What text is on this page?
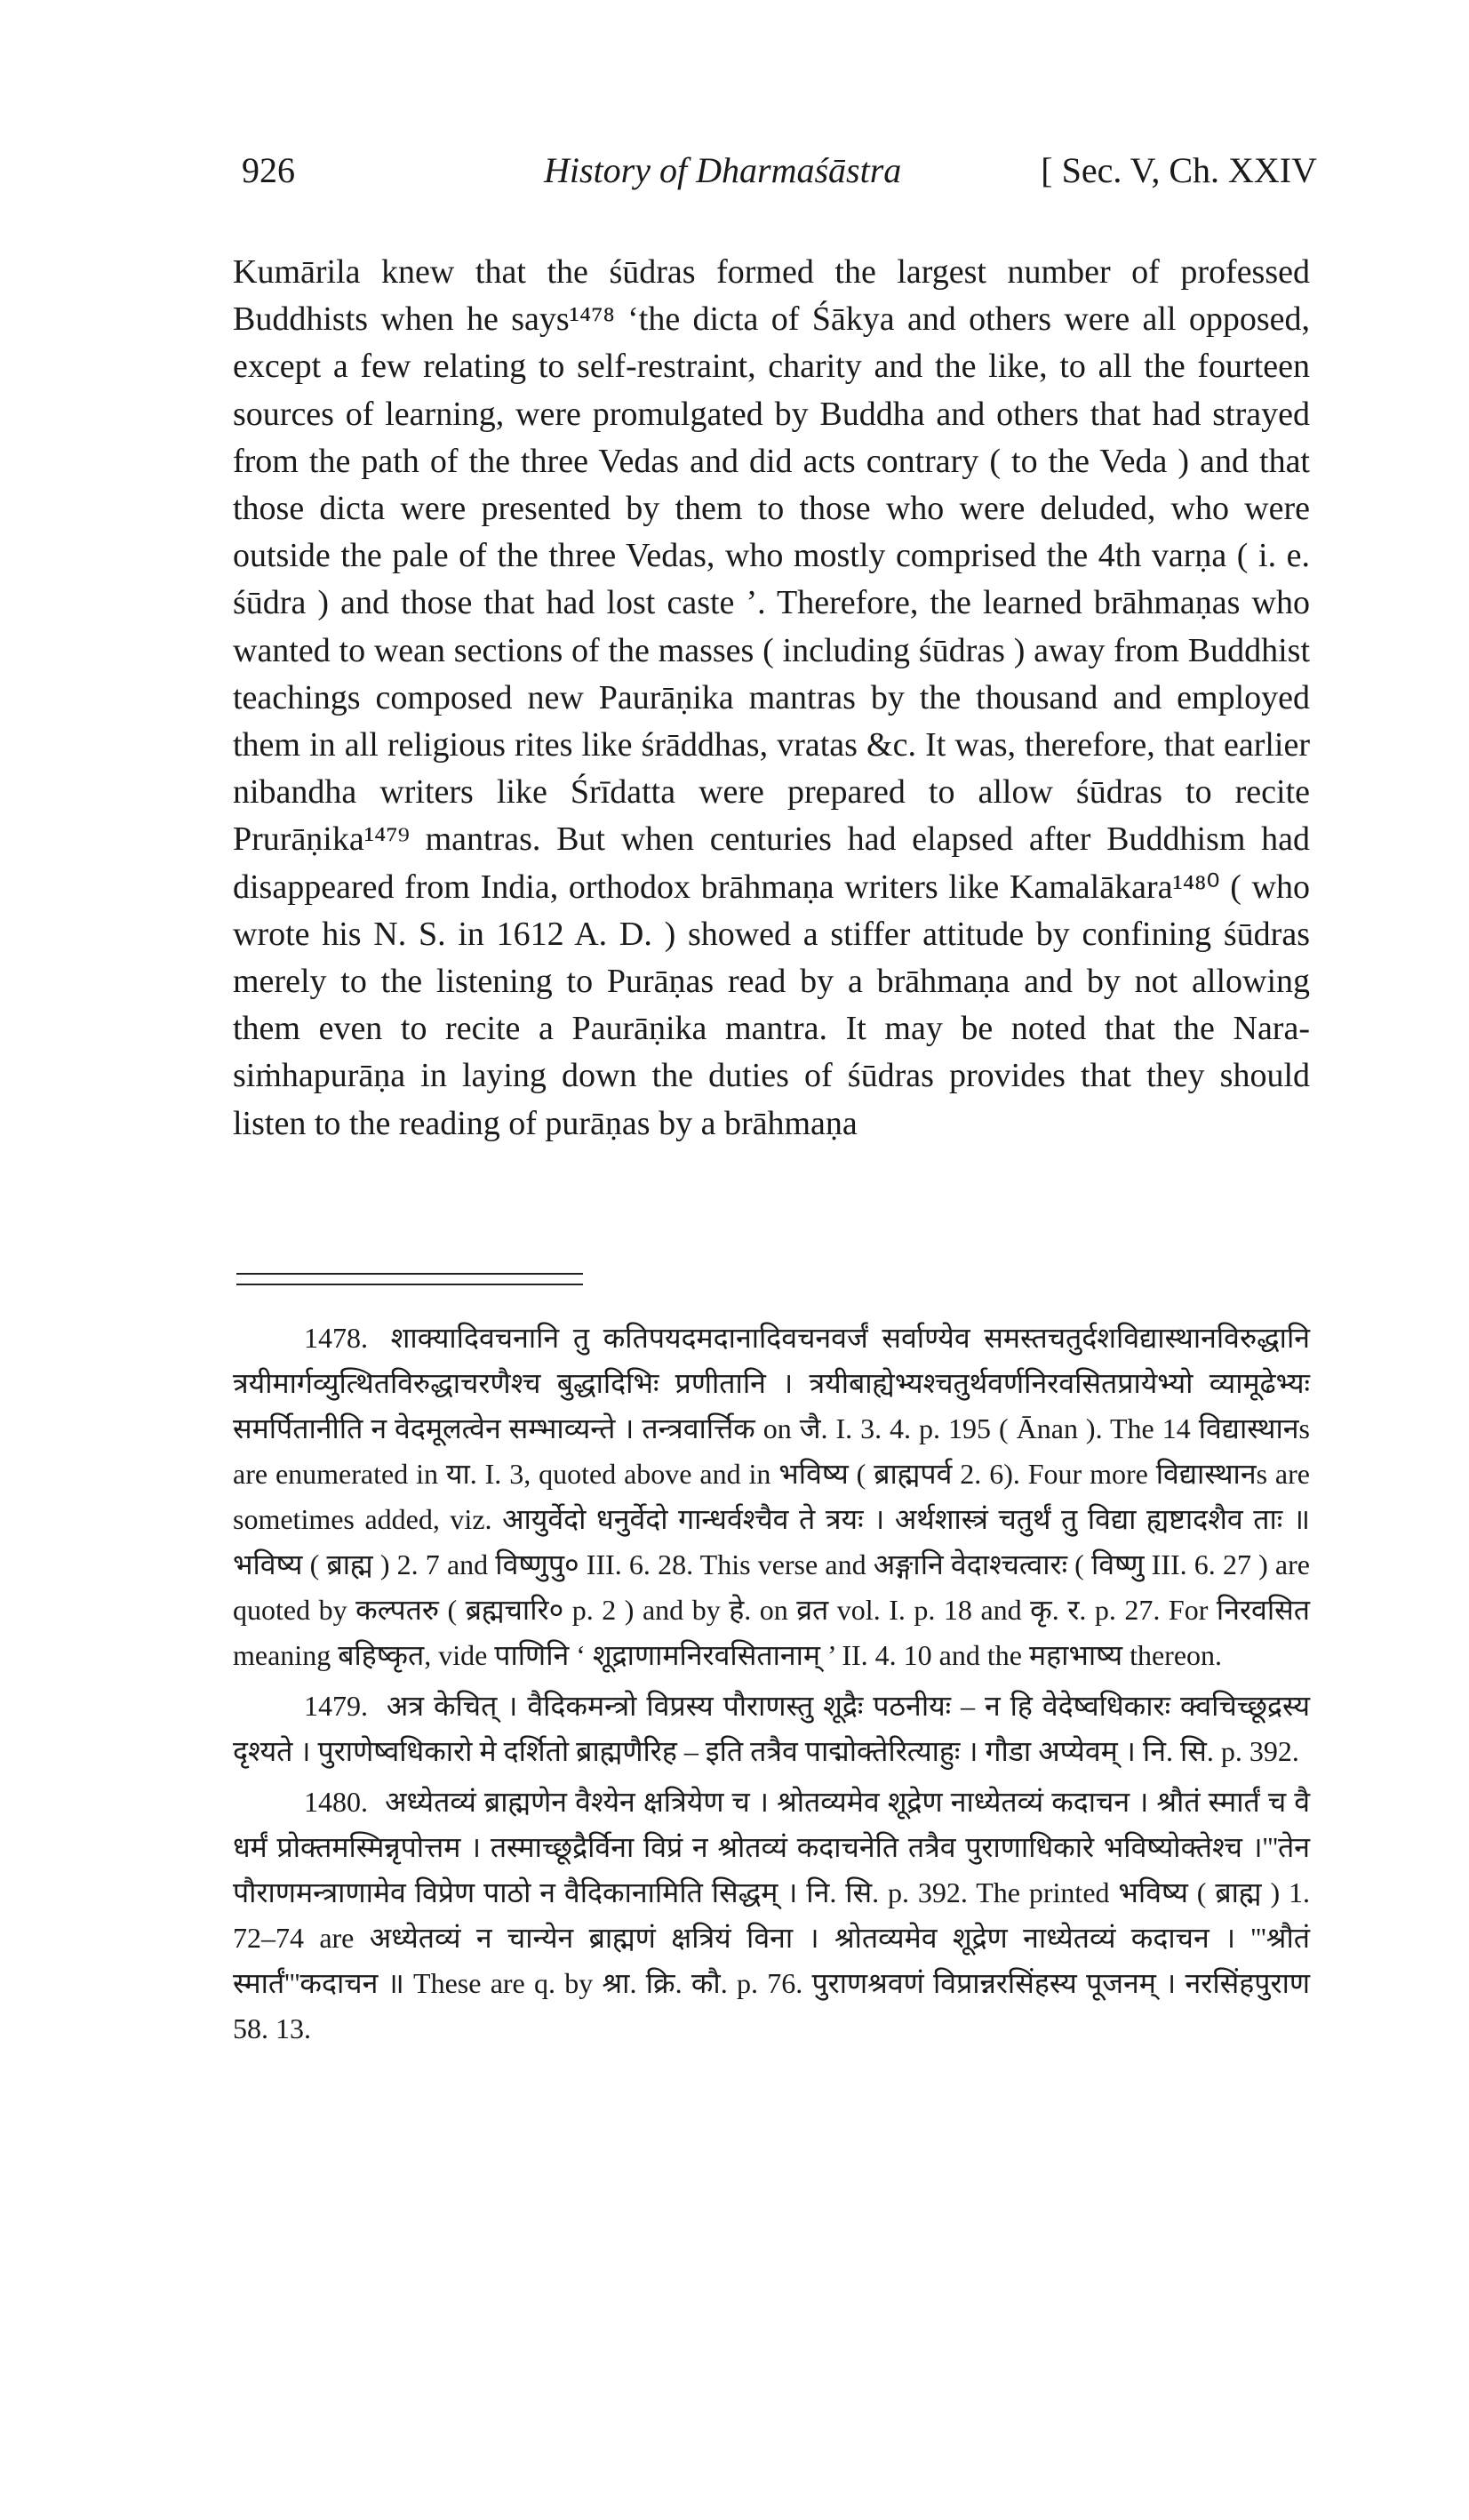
926	History of Dharmaśāstra	[ Sec. V, Ch. XXIV

Kumārila knew that the śūdras formed the largest number of professed Buddhists when he says¹⁴⁷⁸ ‘the dicta of Śākya and others were all opposed, except a few relating to self-restraint, charity and the like, to all the fourteen sources of learning, were promulgated by Buddha and others that had strayed from the path of the three Vedas and did acts contrary ( to the Veda ) and that those dicta were presented by them to those who were deluded, who were outside the pale of the three Vedas, who mostly comprised the 4th varṇa ( i. e. śūdra ) and those that had lost caste ’. Therefore, the learned brāhmaṇas who wanted to wean sections of the masses ( including śūdras ) away from Buddhist teachings composed new Paurāṇika mantras by the thousand and employed them in all religious rites like śrāddhas, vratas &c. It was, therefore, that earlier nibandha writers like Śrīdatta were prepared to allow śūdras to recite Prurāṇika¹⁴⁷⁹ mantras. But when centuries had elapsed after Buddhism had disappeared from India, orthodox brāhmaṇa writers like Kamalākara¹⁴⁸⁰ ( who wrote his N. S. in 1612 A. D. ) showed a stiffer attitude by confining śūdras merely to the listening to Purāṇas read by a brāhmaṇa and by not allowing them even to recite a Paurāṇika mantra. It may be noted that the Nara-siṁhapurāṇa in laying down the duties of śūdras provides that they should listen to the reading of purāṇas by a brāhmaṇa

1478. शाक्यादिवचनानि तु कतिपयदमदानादिवचनवर्जं सर्वाण्येव समस्तचतुर्दशविद्यास्थानविरुद्धानि त्रयीमार्गव्युत्थितविरुद्धाचरणैश्च बुद्धादिभिः प्रणीतानि । त्रयीबाह्येभ्यश्चतुर्थवर्णनिरवसितप्रायेभ्यो व्यामूढेभ्यः समर्पितानीति न वेदमूलत्वेन सम्भाव्यन्ते । तन्त्रवार्त्तिक on जै. I. 3. 4. p. 195 ( Ānan ). The 14 विद्यास्थानs are enumerated in या. I. 3, quoted above and in भविष्य ( ब्राह्मपर्व 2. 6). Four more विद्यास्थानs are sometimes added, viz. आयुर्वेदो धनुर्वेदो गान्धर्वश्चैव ते त्रयः । अर्थशास्त्रं चतुर्थं तु विद्या ह्यष्टादशैव ताः ॥ भविष्य ( ब्राह्म ) 2. 7 and विष्णुपु० III. 6. 28. This verse and अङ्गानि वेदाश्चत्वारः ( विष्णु III. 6. 27 ) are quoted by कल्पतरु ( ब्रह्मचारि० p. 2 ) and by हे. on व्रत vol. I. p. 18 and कृ. र. p. 27. For निरवसित meaning बहिष्कृत, vide पाणिनि ‘ शूद्राणामनिरवसितानाम् ’ II. 4. 10 and the महाभाष्य thereon.

1479. अत्र केचित् । वैदिकमन्त्रो विप्रस्य पौराणस्तु शूद्रैः पठनीयः – न हि वेदेष्वधिकारः क्वचिच्छूद्रस्य दृश्यते । पुराणेष्वधिकारो मे दर्शितो ब्राह्मणैरिह – इति तत्रैव पाद्मोक्तेरित्याहुः । गौडा अप्येवम् । नि. सि. p. 392.

1480. अध्येतव्यं ब्राह्मणेन वैश्येन क्षत्रियेण च । श्रोतव्यमेव शूद्रेण नाध्येतव्यं कदाचन । श्रौतं स्मार्तं च वै धर्मं प्रोक्तमस्मिन्नृपोत्तम । तस्माच्छूद्रैर्विना विप्रं न श्रोतव्यं कदाचनेति तत्रैव पुराणाधिकारे भविष्योक्तेश्च ।'''तेन पौराणमन्त्राणामेव विप्रेण पाठो न वैदिकानामिति सिद्धम् । नि. सि. p. 392. The printed भविष्य ( ब्राह्म ) 1. 72–74 are अध्येतव्यं न चान्येन ब्राह्मणं क्षत्रियं विना । श्रोतव्यमेव शूद्रेण नाध्येतव्यं कदाचन । '''श्रौतं स्मार्तं'''कदाचन ॥ These are q. by श्रा. क्रि. कौ. p. 76. पुराणश्रवणं विप्रान्नरसिंहस्य पूजनम् । नरसिंहपुराण 58. 13.
